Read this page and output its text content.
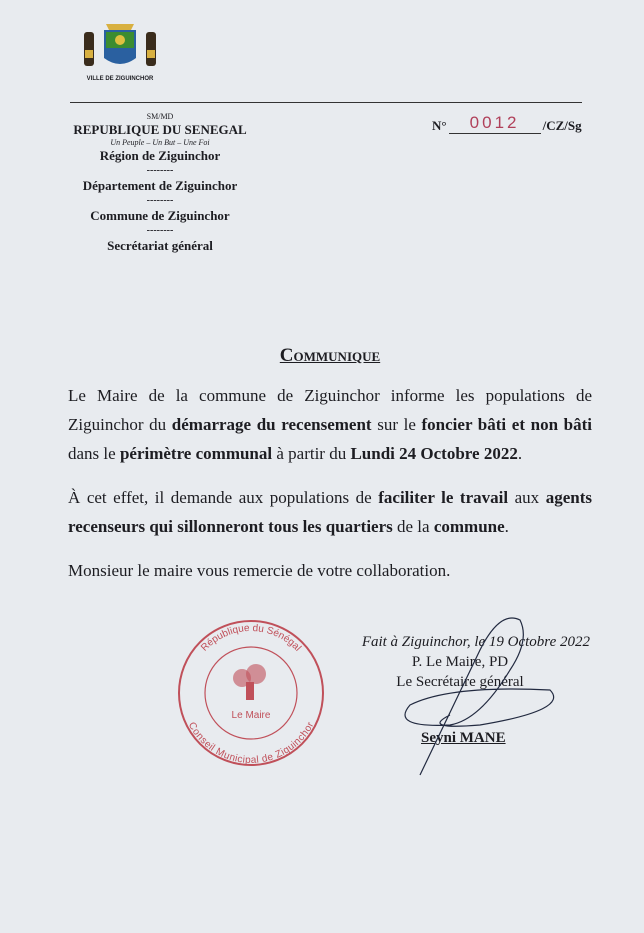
VILLE DE ZIGUINCHOR
SM/MD
REPUBLIQUE DU SENEGAL
Un Peuple – Un But – Une Foi
Région de Ziguinchor
--------
Département de Ziguinchor
--------
Commune de Ziguinchor
--------
Secrétariat général
N°	0012	/CZ/Sg
Communique

Le Maire de la commune de Ziguinchor informe les populations de Ziguinchor du démarrage du recensement sur le foncier bâti et non bâti dans le périmètre communal à partir du Lundi 24 Octobre 2022.

À cet effet, il demande aux populations de faciliter le travail aux agents recenseurs qui sillonneront tous les quartiers de la commune.

Monsieur le maire vous remercie de votre collaboration.

République du Sénégal
Conseil Municipal de Ziguinchor
Le Maire
Fait à Ziguinchor, le 19 Octobre 2022
P. Le Maire, PD
Le Secrétaire général
Seyni MANE
